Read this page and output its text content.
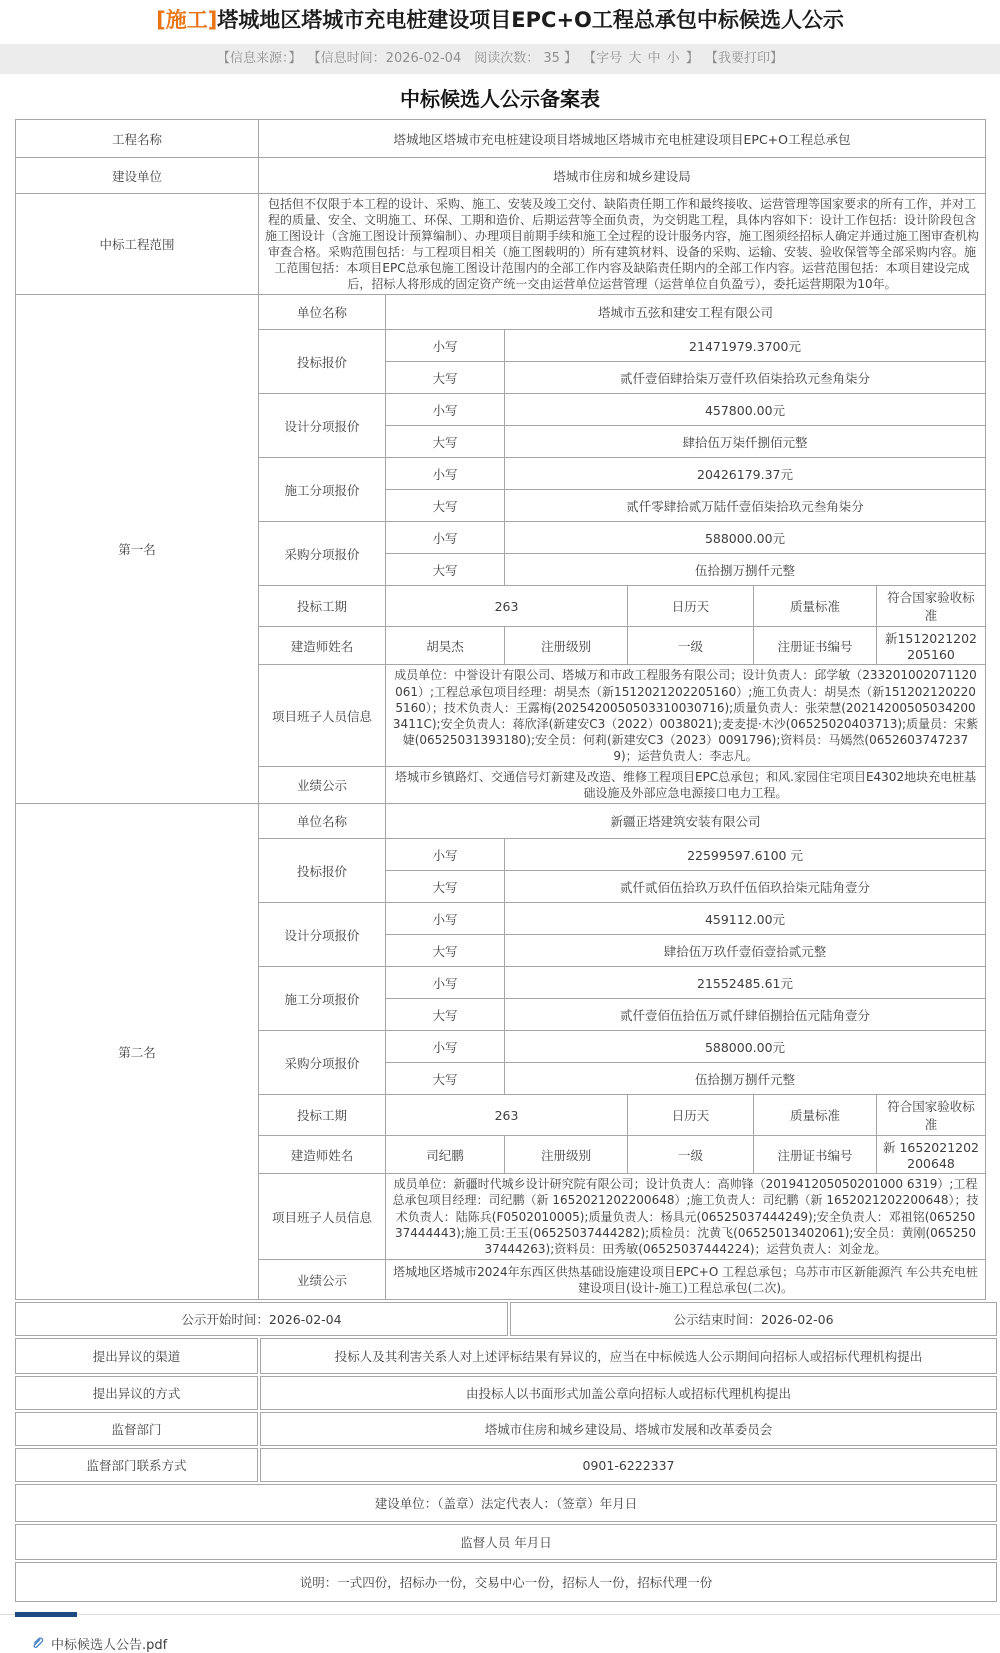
[施工]塔城地区塔城市充电桩建设项目EPC+O工程总承包中标候选人公示
【信息来源：】 【信息时间：2026-02-04　阅读次数： 35 】 【字号 大 中 小 】 【我要打印】
中标候选人公示备案表
工程名称	塔城地区塔城市充电桩建设项目塔城地区塔城市充电桩建设项目EPC+O工程总承包					
建设单位	塔城市住房和城乡建设局					
中标工程范围	包括但不仅限于本工程的设计、采购、施工、安装及竣工交付、缺陷责任期工作和最终接收、运营管理等国家要求的所有工作，并对工程的质量、安全、文明施工、环保、工期和造价、后期运营等全面负责，为交钥匙工程，具体内容如下：设计工作包括：设计阶段包含施工图设计（含施工图设计预算编制）、办理项目前期手续和施工全过程的设计服务内容，施工图须经招标人确定并通过施工图审查机构审查合格。采购范围包括：与工程项目相关（施工图载明的）所有建筑材料、设备的采购、运输、安装、验收保管等全部采购内容。施工范围包括：本项目EPC总承包施工图设计范围内的全部工作内容及缺陷责任期内的全部工作内容。运营范围包括：本项目建设完成后，招标人将形成的固定资产统一交由运营单位运营管理（运营单位自负盈亏），委托运营期限为10年。					
第一名	单位名称	塔城市五弦和建安工程有限公司				
	投标报价	小写	21471979.3700元			
		大写	贰仟壹佰肆拾柒万壹仟玖佰柒拾玖元叁角柒分			
	设计分项报价	小写	457800.00元			
		大写	肆拾伍万柒仟捌佰元整			
	施工分项报价	小写	20426179.37元			
		大写	贰仟零肆拾贰万陆仟壹佰柒拾玖元叁角柒分			
	采购分项报价	小写	588000.00元			
		大写	伍拾捌万捌仟元整			
	投标工期	263		日历天	质量标准	符合国家验收标准
	建造师姓名	胡昊杰	注册级别	一级	注册证书编号	新1512021202205160
	项目班子人员信息	成员单位：中誉设计有限公司、塔城万和市政工程服务有限公司；设计负责人：邱学敏（233201002071120061）;工程总承包项目经理：胡昊杰（新1512021202205160）;施工负责人：胡昊杰（新1512021202205160）；技术负责人：王露梅(2025420050503310030716);质量负责人：张荣慧(202142005050342003411C);安全负责人：蒋欣泽(新建安C3（2022）0038021);麦麦提·木沙(06525020403713);质量员：宋紫婕(06525031393180);安全员：何莉(新建安C3（2023）0091796);资料员：马嫣然(06526037472379)；运营负责人：李志凡。				
	业绩公示	塔城市乡镇路灯、交通信号灯新建及改造、维修工程项目EPC总承包；和风.家园住宅项目E4302地块充电桩基础设施及外部应急电源接口电力工程。				
第二名	单位名称	新疆正塔建筑安装有限公司				
	投标报价	小写	22599597.6100 元			
		大写	贰仟贰佰伍拾玖万玖仟伍佰玖拾柒元陆角壹分			
	设计分项报价	小写	459112.00元			
		大写	肆拾伍万玖仟壹佰壹拾贰元整			
	施工分项报价	小写	21552485.61元			
		大写	贰仟壹佰伍拾伍万贰仟肆佰捌拾伍元陆角壹分			
	采购分项报价	小写	588000.00元			
		大写	伍拾捌万捌仟元整			
	投标工期	263		日历天	质量标准	符合国家验收标准
	建造师姓名	司纪鹏	注册级别	一级	注册证书编号	新 1652021202200648
	项目班子人员信息	成员单位：新疆时代城乡设计研究院有限公司；设计负责人：高帅锋（201941205050201000 6319）;工程总承包项目经理：司纪鹏（新 1652021202200648）;施工负责人：司纪鹏（新 1652021202200648）；技术负责人：陆陈兵(F0502010005);质量负责人：杨具元(06525037444249);安全负责人：邓祖铭(06525037444443);施工员:王玉(06525037444282);质检员：沈黄飞(06525013402061);安全员：黄刚(06525037444263);资料员：田秀敏(06525037444224)；运营负责人：刘金龙。				
	业绩公示	塔城地区塔城市2024年东西区供热基础设施建设项目EPC+O 工程总承包；乌苏市市区新能源汽 车公共充电桩建设项目(设计-施工)工程总承包(二次)。				
公示开始时间：2026-02-04		公示结束时间：2026-02-06
提出异议的渠道	投标人及其利害关系人对上述评标结果有异议的，应当在中标候选人公示期间向招标人或招标代理机构提出	
提出异议的方式	由投标人以书面形式加盖公章向招标人或招标代理机构提出	
监督部门	塔城市住房和城乡建设局、塔城市发展和改革委员会	
监督部门联系方式	0901-6222337	
建设单位：（盖章）法定代表人：（签章）年月日		
监督人员 年月日		
说明：一式四份，招标办一份，交易中心一份，招标人一份，招标代理一份		
中标候选人公告.pdf
